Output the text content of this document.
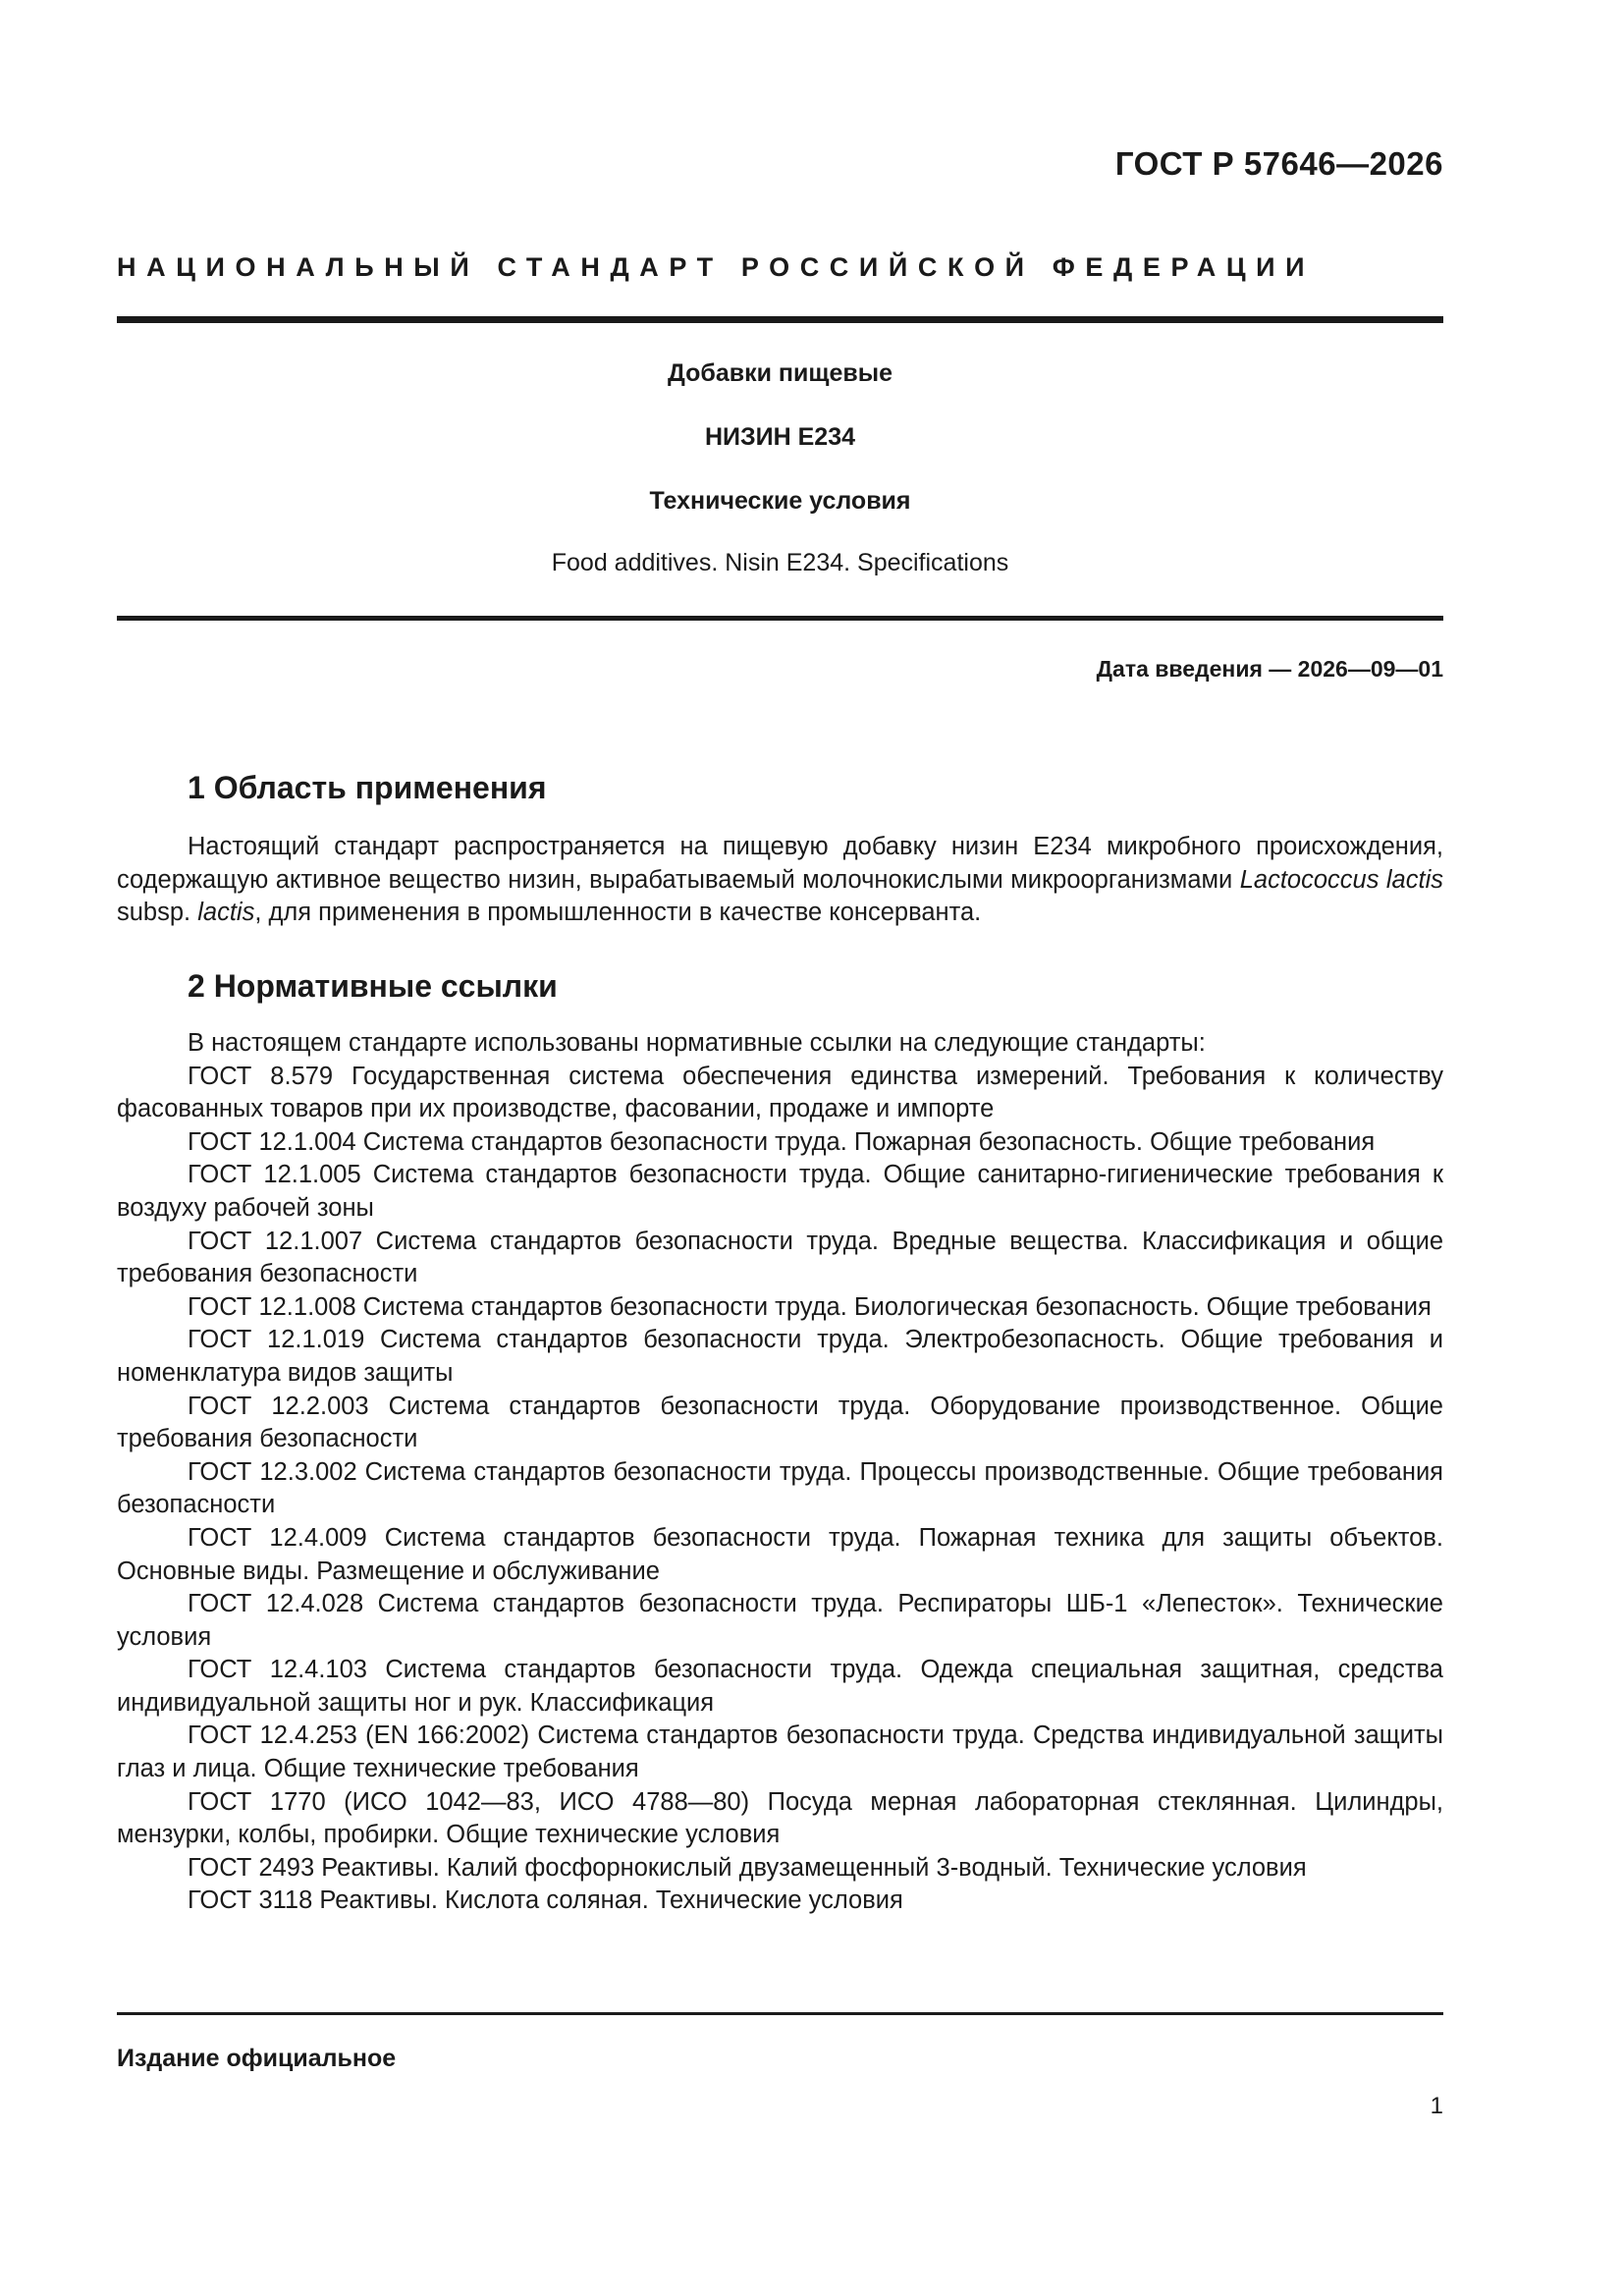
ГОСТ Р 57646—2026
НАЦИОНАЛЬНЫЙ СТАНДАРТ РОССИЙСКОЙ ФЕДЕРАЦИИ
Добавки пищевые
НИЗИН Е234
Технические условия
Food additives. Nisin E234. Specifications
Дата введения — 2026—09—01
1 Область применения

Настоящий стандарт распространяется на пищевую добавку низин Е234 микробного происхождения, содержащую активное вещество низин, вырабатываемый молочнокислыми микроорганизмами Lactococcus lactis subsp. lactis, для применения в промышленности в качестве консерванта.

2 Нормативные ссылки

В настоящем стандарте использованы нормативные ссылки на следующие стандарты:

ГОСТ 8.579 Государственная система обеспечения единства измерений. Требования к количеству фасованных товаров при их производстве, фасовании, продаже и импорте

ГОСТ 12.1.004 Система стандартов безопасности труда. Пожарная безопасность. Общие требования

ГОСТ 12.1.005 Система стандартов безопасности труда. Общие санитарно-гигиенические требования к воздуху рабочей зоны

ГОСТ 12.1.007 Система стандартов безопасности труда. Вредные вещества. Классификация и общие требования безопасности

ГОСТ 12.1.008 Система стандартов безопасности труда. Биологическая безопасность. Общие требования

ГОСТ 12.1.019 Система стандартов безопасности труда. Электробезопасность. Общие требования и номенклатура видов защиты

ГОСТ 12.2.003 Система стандартов безопасности труда. Оборудование производственное. Общие требования безопасности

ГОСТ 12.3.002 Система стандартов безопасности труда. Процессы производственные. Общие требования безопасности

ГОСТ 12.4.009 Система стандартов безопасности труда. Пожарная техника для защиты объектов. Основные виды. Размещение и обслуживание

ГОСТ 12.4.028 Система стандартов безопасности труда. Респираторы ШБ-1 «Лепесток». Технические условия

ГОСТ 12.4.103 Система стандартов безопасности труда. Одежда специальная защитная, средства индивидуальной защиты ног и рук. Классификация

ГОСТ 12.4.253 (EN 166:2002) Система стандартов безопасности труда. Средства индивидуальной защиты глаз и лица. Общие технические требования

ГОСТ 1770 (ИСО 1042—83, ИСО 4788—80) Посуда мерная лабораторная стеклянная. Цилиндры, мензурки, колбы, пробирки. Общие технические условия

ГОСТ 2493 Реактивы. Калий фосфорнокислый двузамещенный 3-водный. Технические условия

ГОСТ 3118 Реактивы. Кислота соляная. Технические условия

Издание официальное
1
